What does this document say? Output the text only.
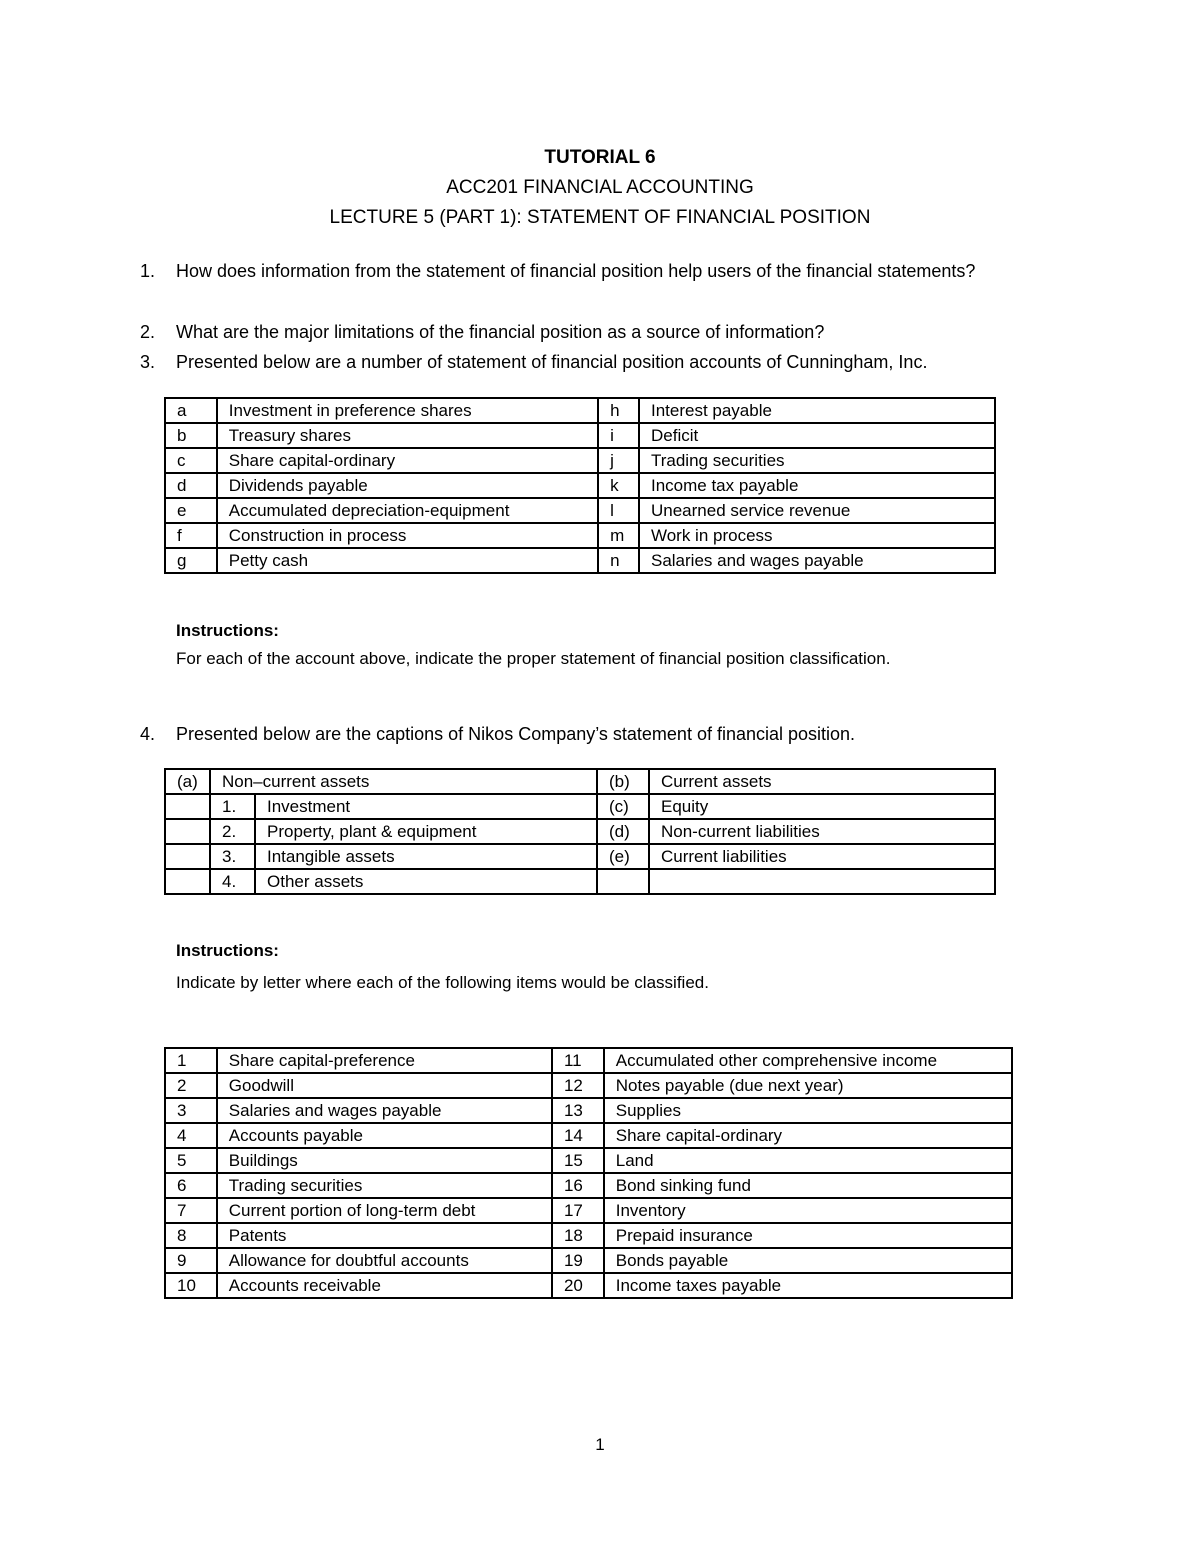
TUTORIAL 6
ACC201 FINANCIAL ACCOUNTING
LECTURE 5 (PART 1): STATEMENT OF FINANCIAL POSITION
1.	How does information from the statement of financial position help users of the financial statements?
2.	What are the major limitations of the financial position as a source of information?
3.	Presented below are a number of statement of financial position accounts of Cunningham, Inc.
a	Investment in preference shares	h	Interest payable
b	Treasury shares	i	Deficit
c	Share capital-ordinary	j	Trading securities
d	Dividends payable	k	Income tax payable
e	Accumulated depreciation-equipment	l	Unearned service revenue
f	Construction in process	m	Work in process
g	Petty cash	n	Salaries and wages payable
Instructions:
For each of the account above, indicate the proper statement of financial position classification.
4.	Presented below are the captions of Nikos Company’s statement of financial position.
(a)	Non–current assets		(b)	Current assets
	1.	Investment	(c)	Equity
	2.	Property, plant & equipment	(d)	Non-current liabilities
	3.	Intangible assets	(e)	Current liabilities
	4.	Other assets		
Instructions:
Indicate by letter where each of the following items would be classified.
1	Share capital-preference	11	Accumulated other comprehensive income
2	Goodwill	12	Notes payable (due next year)
3	Salaries and wages payable	13	Supplies
4	Accounts payable	14	Share capital-ordinary
5	Buildings	15	Land
6	Trading securities	16	Bond sinking fund
7	Current portion of long-term debt	17	Inventory
8	Patents	18	Prepaid insurance
9	Allowance for doubtful accounts	19	Bonds payable
10	Accounts receivable	20	Income taxes payable
1
